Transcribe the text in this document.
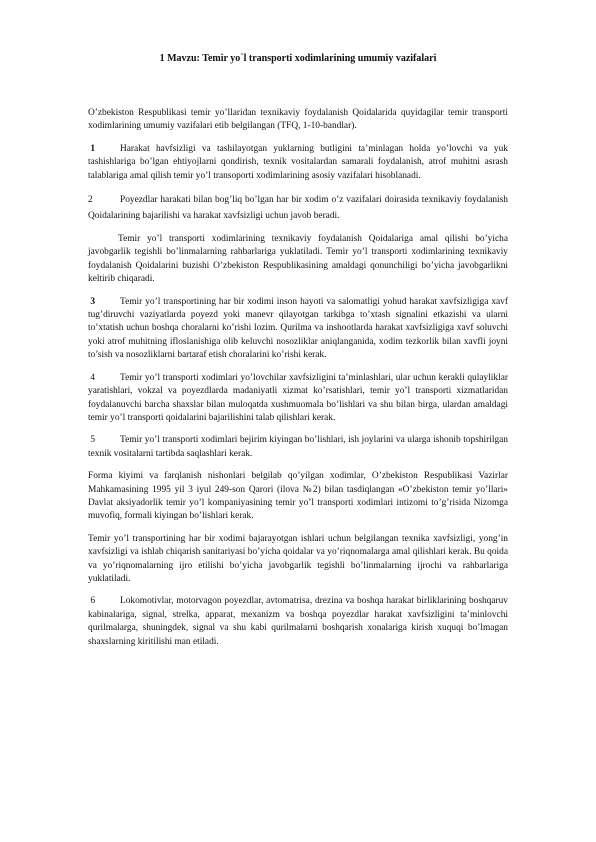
1 Mavzu: Temir yo`l transporti xodimlarining umumiy vazifalari

O’zbekiston Respublikasi temir yo’llaridan texnikaviy foydalanish Qoidalarida quyidagilar temir transporti xodimlarining umumiy vazifalari etib belgilangan (TFQ, 1-10-bandlar).

1	Harakat havfsizligi va tashilayotgan yuklarning butligini ta’minlagan holda yo’lovchi va yuk tashishlariga bo’lgan ehtiyojlarni qondirish, texnik vositalardan samarali foydalanish, atrof muhitni asrash talablariga amal qilish temir yo’l transoporti xodimlarining asosiy vazifalari hisoblanadi.

2	Poyezdlar harakati bilan bog’liq bo’lgan har bir xodim o’z vazifalari doirasida texnikaviy foydalanish Qoidalarining bajarilishi va harakat xavfsizligi uchun javob beradi.

Temir yo’l transporti xodimlarining texnikaviy foydalanish Qoidalariga amal qilishi bo’yicha javobgarlik tegishli bo’linmalarning rahbarlariga yuklatiladi. Temir yo’l transporti xodimlarining texnikaviy foydalanish Qoidalarini buzishi O’zbekiston Respublikasining amaldagi qonunchiligi bo’yicha javobgarlikni keltirib chiqaradi.

3	Temir yo’l transportining har bir xodimi inson hayoti va salomatligi yohud harakat xavfsizligiga xavf tug’diruvchi vaziyatlarda poyezd yoki manevr qilayotgan tarkibga to’xtash signalini etkazishi va ularni to’xtatish uchun boshqa choralarni ko’rishi lozim. Qurilma va inshootlarda harakat xavfsizligiga xavf soluvchi yoki atrof muhitning ifloslanishiga olib keluvchi nosozliklar aniqlanganida, xodim tezkorlik bilan xavfli joyni to’sish va nosozliklarni bartaraf etish choralarini ko’rishi kerak.

4	Temir yo’l transporti xodimlari yo’lovchilar xavfsizligini ta’minlashlari, ular uchun kerakli qulayliklar yaratishlari, vokzal va poyezdlarda madaniyatli xizmat ko’rsatishlari, temir yo’l transporti xizmatlaridan foydalanuvchi barcha shaxslar bilan muloqatda xushmuomala bo’lishlari va shu bilan birga, ulardan amaldagi temir yo’l transporti qoidalarini bajarilishini talab qilishlari kerak.

5	Temir yo’l transporti xodimlari bejirim kiyingan bo’lishlari, ish joylarini va ularga ishonib topshirilgan texnik vositalarni tartibda saqlashlari kerak.

Forma kiyimi va farqlanish nishonlari belgilab qo’yilgan xodimlar, O’zbekiston Respublikasi Vazirlar Mahkamasining 1995 yil 3 iyul 249-son Qarori (ilova №2) bilan tasdiqlangan «O’zbekiston temir yo’llari» Davlat aksiyadorlik temir yo’l kompaniyasining temir yo’l transporti xodimlari intizomi to’g’risida Nizomga muvofiq, formali kiyingan bo’lishlari kerak.

Temir yo’l transportining har bir xodimi bajarayotgan ishlari uchun belgilangan texnika xavfsizligi, yong’in xavfsizligi va ishlab chiqarish sanitariyasi bo’yicha qoidalar va yo’riqnomalarga amal qilishlari kerak. Bu qoida va yo’riqnomalarning ijro etilishi bo’yicha javobgarlik tegishli bo’linmalarning ijrochi va rahbarlariga yuklatiladi.

6	Lokomotivlar, motorvagon poyezdlar, avtomatrisa, drezina va boshqa harakat birliklarining boshqaruv kabinalariga, signal, strelka, apparat, mexanizm va boshqa poyezdlar harakat xavfsizligini ta’minlovchi qurilmalarga, shuningdek, signal va shu kabi qurilmalarni boshqarish xonalariga kirish xuquqi bo’lmagan shaxslarning kiritilishi man etiladi.
